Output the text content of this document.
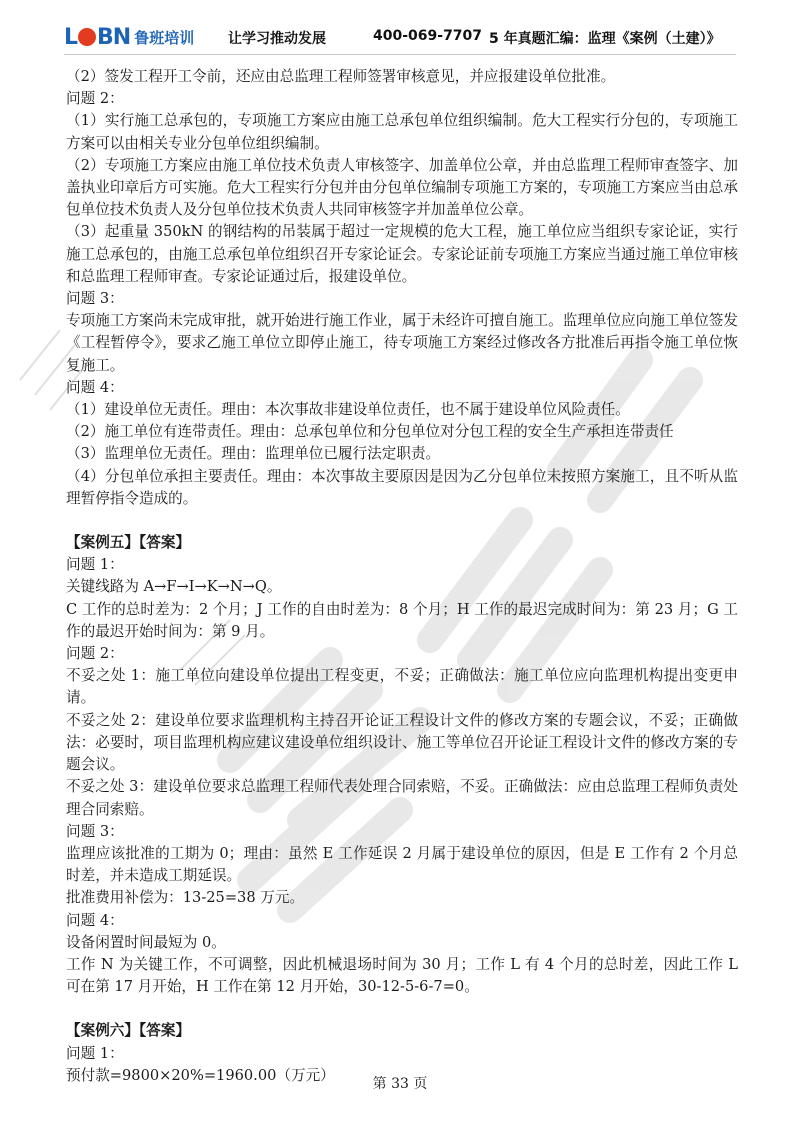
L BN 鲁班培训 让学习推动发展	400-069-7707 5 年真题汇编：监理《案例（土建）》

（2）签发工程开工令前，还应由总监理工程师签署审核意见，并应报建设单位批准。

问题 2：

（1）实行施工总承包的，专项施工方案应由施工总承包单位组织编制。危大工程实行分包的，专项施工方案可以由相关专业分包单位组织编制。

（2）专项施工方案应由施工单位技术负责人审核签字、加盖单位公章，并由总监理工程师审查签字、加盖执业印章后方可实施。危大工程实行分包并由分包单位编制专项施工方案的，专项施工方案应当由总承包单位技术负责人及分包单位技术负责人共同审核签字并加盖单位公章。

（3）起重量 350kN 的钢结构的吊装属于超过一定规模的危大工程，施工单位应当组织专家论证，实行施工总承包的，由施工总承包单位组织召开专家论证会。专家论证前专项施工方案应当通过施工单位审核和总监理工程师审查。专家论证通过后，报建设单位。

问题 3：

专项施工方案尚未完成审批，就开始进行施工作业，属于未经许可擅自施工。监理单位应向施工单位签发《工程暂停令》，要求乙施工单位立即停止施工，待专项施工方案经过修改各方批准后再指令施工单位恢复施工。

问题 4：

（1）建设单位无责任。理由：本次事故非建设单位责任，也不属于建设单位风险责任。

（2）施工单位有连带责任。理由：总承包单位和分包单位对分包工程的安全生产承担连带责任

（3）监理单位无责任。理由：监理单位已履行法定职责。

（4）分包单位承担主要责任。理由：本次事故主要原因是因为乙分包单位未按照方案施工，且不听从监理暂停指令造成的。

【案例五】【答案】

问题 1：

关键线路为 A→F→I→K→N→Q。

C 工作的总时差为：2 个月；J 工作的自由时差为：8 个月；H 工作的最迟完成时间为：第 23 月；G 工作的最迟开始时间为：第 9 月。

问题 2：

不妥之处 1：施工单位向建设单位提出工程变更，不妥；正确做法：施工单位应向监理机构提出变更申请。

不妥之处 2：建设单位要求监理机构主持召开论证工程设计文件的修改方案的专题会议，不妥；正确做法：必要时，项目监理机构应建议建设单位组织设计、施工等单位召开论证工程设计文件的修改方案的专题会议。

不妥之处 3：建设单位要求总监理工程师代表处理合同索赔，不妥。正确做法：应由总监理工程师负责处理合同索赔。

问题 3：

监理应该批准的工期为 0；理由：虽然 E 工作延误 2 月属于建设单位的原因，但是 E 工作有 2 个月总时差，并未造成工期延误。

批准费用补偿为：13-25=38 万元。

问题 4：

设备闲置时间最短为 0。

工作 N 为关键工作，不可调整，因此机械退场时间为 30 月；工作 L 有 4 个月的总时差，因此工作 L 可在第 17 月开始，H 工作在第 12 月开始，30-12-5-6-7=0。

【案例六】【答案】

问题 1：

预付款=9800×20%=1960.00（万元）

第 33 页
